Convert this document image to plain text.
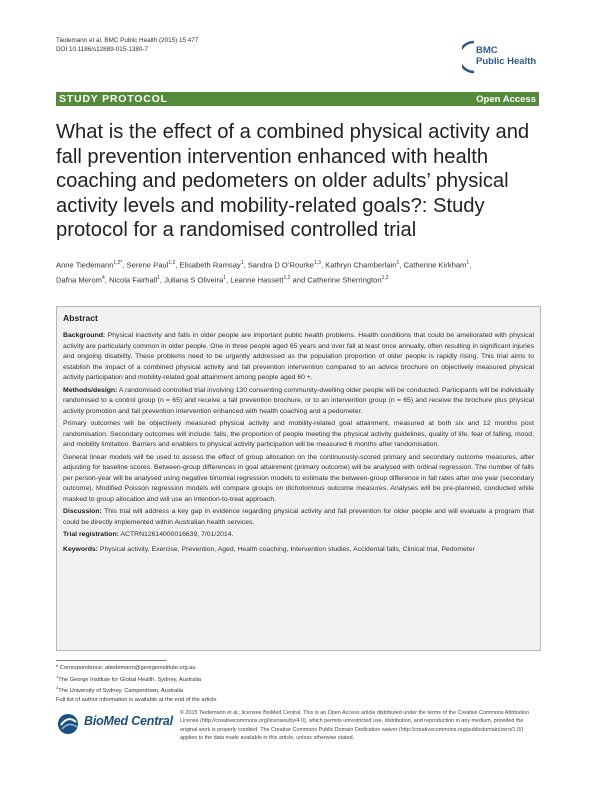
Tiedemann et al. BMC Public Health (2015) 15:477
DOI 10.1186/s12889-015-1380-7	BMC
Public Health
STUDY PROTOCOL	Open Access
What is the effect of a combined physical activity and fall prevention intervention enhanced with health coaching and pedometers on older adults’ physical activity levels and mobility-related goals?: Study protocol for a randomised controlled trial
Anne Tiedemann$^{1,2*}$, Serene Paul$^{1,2}$, Elisabeth Ramsay$^1$, Sandra D O’Rourke$^{1,3}$, Kathryn Chamberlain$^1$, Catherine Kirkham$^1$,
Dafna Merom$^4$, Nicola Fairhall$^1$, Juliana S Oliveira$^1$, Leanne Hassett$^{1,2}$ and Catherine Sherrington$^{1,2}$
Abstract

Background: Physical inactivity and falls in older people are important public health problems. Health conditions that could be ameliorated with physical activity are particularly common in older people. One in three people aged 65 years and over fall at least once annually, often resulting in significant injuries and ongoing disability. These problems need to be urgently addressed as the population proportion of older people is rapidly rising. This trial aims to establish the impact of a combined physical activity and fall prevention intervention compared to an advice brochure on objectively measured physical activity participation and mobility-related goal attainment among people aged 60 +.

Methods/design: A randomised controlled trial involving 130 consenting community-dwelling older people will be conducted. Participants will be individually randomised to a control group (n = 65) and receive a fall prevention brochure, or to an intervention group (n = 65) and receive the brochure plus physical activity promotion and fall prevention intervention enhanced with health coaching and a pedometer.

Primary outcomes will be objectively measured physical activity and mobility-related goal attainment, measured at both six and 12 months post randomisation. Secondary outcomes will include: falls, the proportion of people meeting the physical activity guidelines, quality of life, fear of falling, mood, and mobility limitation. Barriers and enablers to physical activity participation will be measured 6 months after randomisation.

General linear models will be used to assess the effect of group allocation on the continuously-scored primary and secondary outcome measures, after adjusting for baseline scores. Between-group differences in goal attainment (primary outcome) will be analysed with ordinal regression. The number of falls per person-year will be analysed using negative binomial regression models to estimate the between-group difference in fall rates after one year (secondary outcome). Modified Poisson regression models will compare groups on dichotomous outcome measures. Analyses will be pre-planned, conducted while masked to group allocation and will use an intention-to-treat approach.

Discussion: This trial will address a key gap in evidence regarding physical activity and fall prevention for older people and will evaluate a program that could be directly implemented within Australian health services.

Trial registration: ACTRN12614000016639, 7/01/2014.

Keywords: Physical activity, Exercise, Prevention, Aged, Health coaching, Intervention studies, Accidental falls, Clinical trial, Pedometer

* Correspondence: atiedemann@georgeinstitute.org.au
$^1$The George Institute for Global Health, Sydney, Australia
$^2$The University of Sydney, Camperdown, Australia
Full list of author information is available at the end of the article
BioMed Central
© 2015 Tiedemann et al.; licensee BioMed Central. This is an Open Access article distributed under the terms of the Creative Commons Attribution License (http://creativecommons.org/licenses/by/4.0), which permits unrestricted use, distribution, and reproduction in any medium, provided the original work is properly credited. The Creative Commons Public Domain Dedication waiver (http://creativecommons.org/publicdomain/zero/1.0/) applies to the data made available in this article, unless otherwise stated.
